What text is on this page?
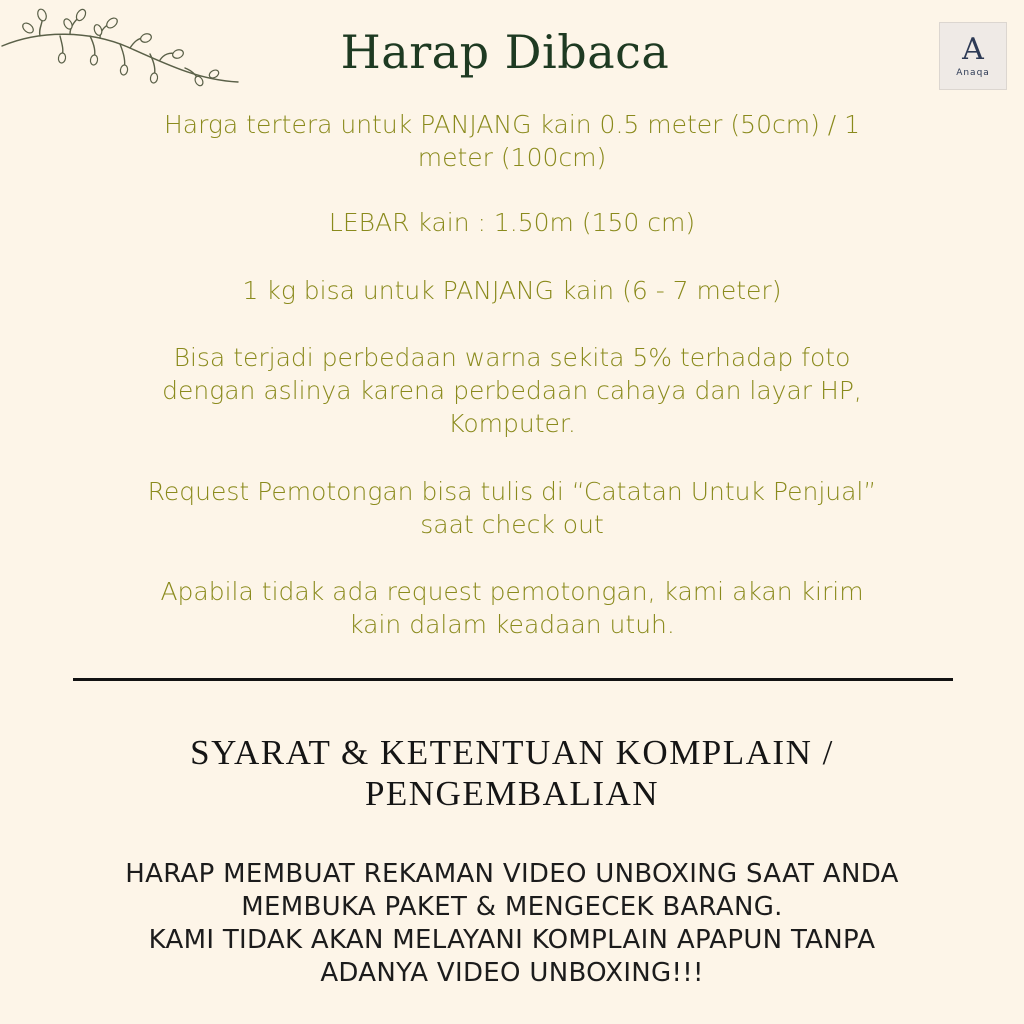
A
Anaqa
Harap Dibaca

Harga tertera untuk PANJANG kain 0.5 meter (50cm) / 1
meter (100cm)

LEBAR kain : 1.50m (150 cm)

1 kg bisa untuk PANJANG kain (6 - 7 meter)

Bisa terjadi perbedaan warna sekita 5% terhadap foto
dengan aslinya karena perbedaan cahaya dan layar HP,
Komputer.

Request Pemotongan bisa tulis di “Catatan Untuk Penjual”
saat check out

Apabila tidak ada request pemotongan, kami akan kirim
kain dalam keadaan utuh.

SYARAT & KETENTUAN KOMPLAIN /
PENGEMBALIAN

HARAP MEMBUAT REKAMAN VIDEO UNBOXING SAAT ANDA
MEMBUKA PAKET & MENGECEK BARANG.
KAMI TIDAK AKAN MELAYANI KOMPLAIN APAPUN TANPA
ADANYA VIDEO UNBOXING!!!
